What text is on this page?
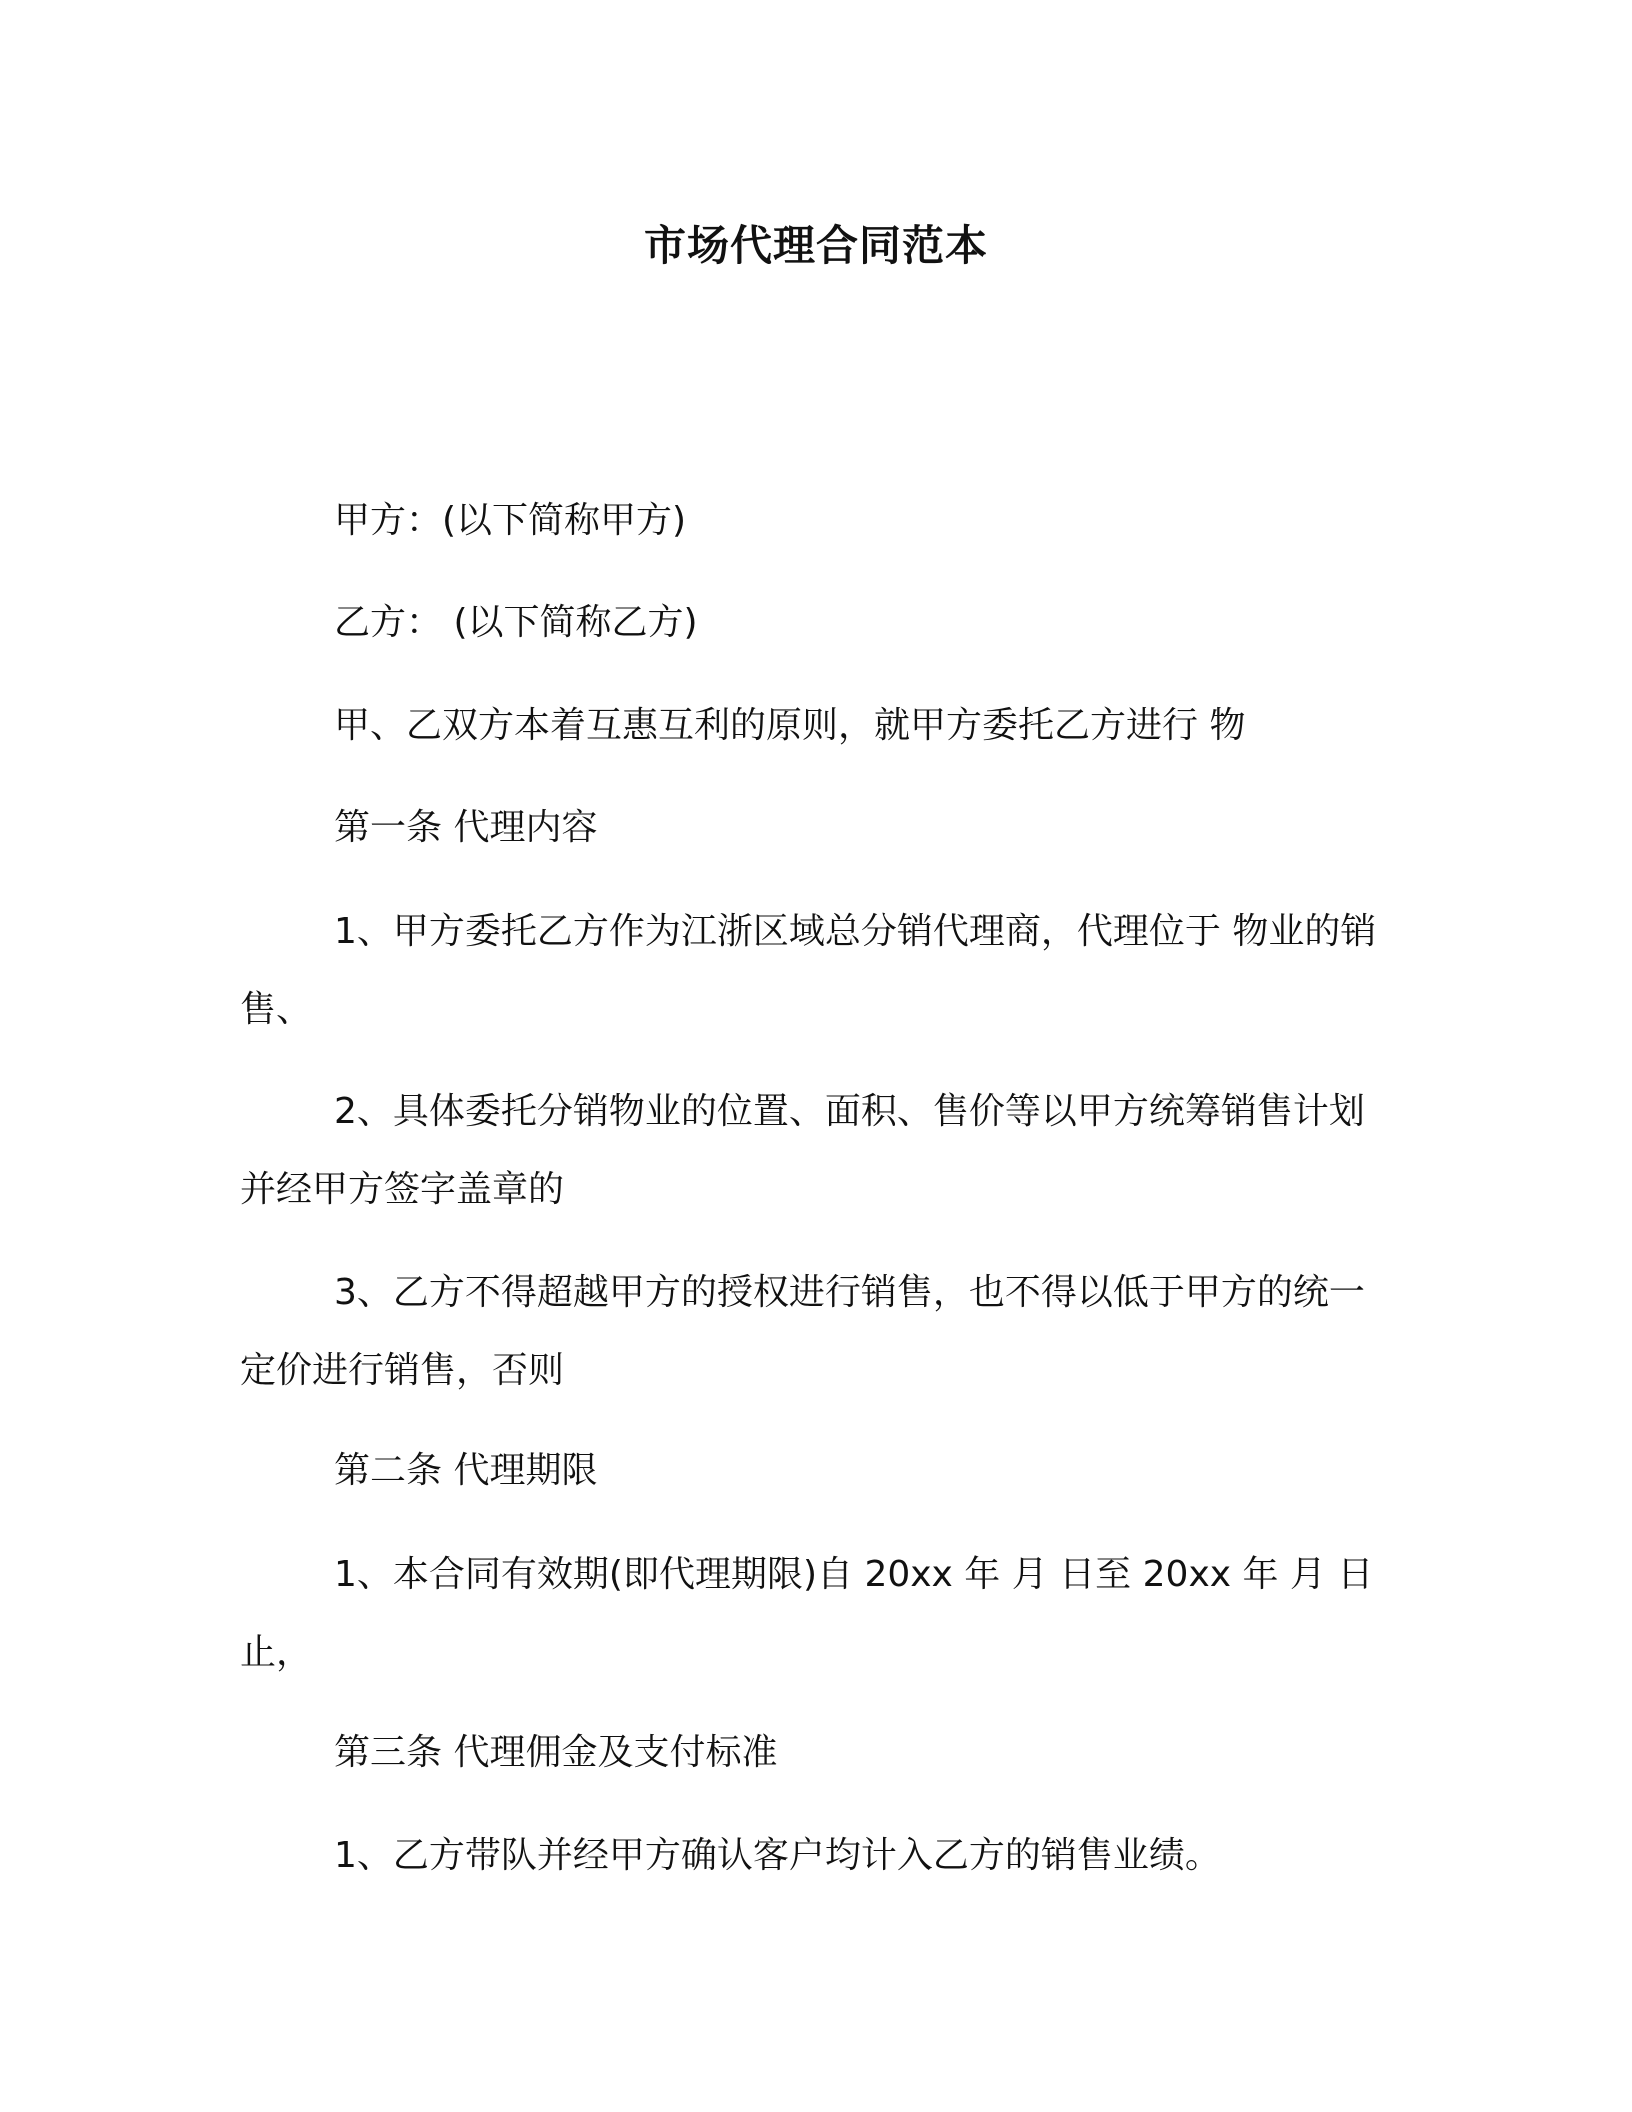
市场代理合同范本

甲方：(以下简称甲方)

乙方： (以下简称乙方)

甲、乙双方本着互惠互利的原则，就甲方委托乙方进行 物

第一条 代理内容

1、甲方委托乙方作为江浙区域总分销代理商，代理位于 物业的销售、

2、具体委托分销物业的位置、面积、售价等以甲方统筹销售计划并经甲方签字盖章的

3、乙方不得超越甲方的授权进行销售，也不得以低于甲方的统一定价进行销售，否则

第二条 代理期限

1、本合同有效期(即代理期限)自 20xx 年 月 日至 20xx 年 月 日止，

第三条 代理佣金及支付标准

1、乙方带队并经甲方确认客户均计入乙方的销售业绩。
